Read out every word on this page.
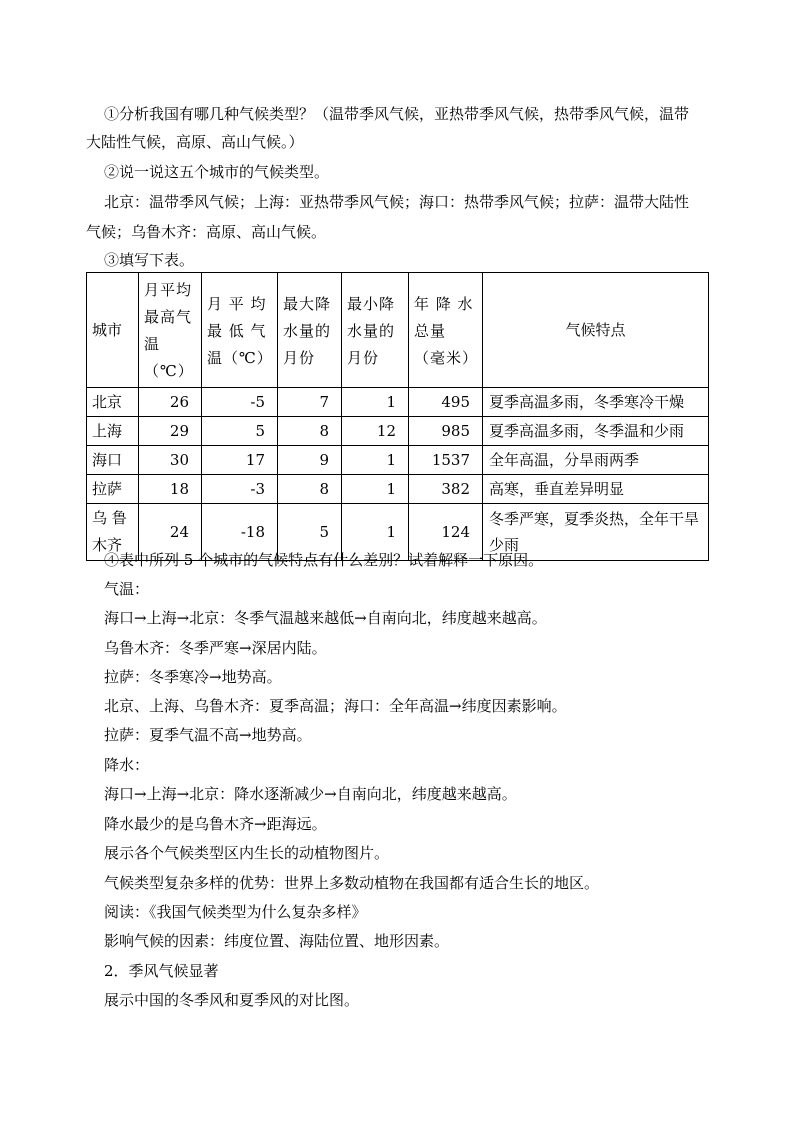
①分析我国有哪几种气候类型？（温带季风气候，亚热带季风气候，热带季风气候，温带
大陆性气候，高原、高山气候。）
②说一说这五个城市的气候类型。
北京：温带季风气候；上海：亚热带季风气候；海口：热带季风气候；拉萨：温带大陆性
气候；乌鲁木齐：高原、高山气候。
③填写下表。
城市	月平均最高气温（℃）	月 平 均 最 低 气 温（℃）	最大降水量的月份	最小降水量的月份	年 降 水总量（毫米）	气候特点
北京	26	-5	7	1	495	夏季高温多雨，冬季寒冷干燥
上海	29	5	8	12	985	夏季高温多雨，冬季温和少雨
海口	30	17	9	1	1537	全年高温，分旱雨两季
拉萨	18	-3	8	1	382	高寒，垂直差异明显
乌 鲁 木齐	24	-18	5	1	124	冬季严寒，夏季炎热，全年干旱少雨
④表中所列 5 个城市的气候特点有什么差别？试着解释一下原因。
气温：
海口→上海→北京：冬季气温越来越低→自南向北，纬度越来越高。
乌鲁木齐：冬季严寒→深居内陆。
拉萨：冬季寒冷→地势高。
北京、上海、乌鲁木齐：夏季高温；海口：全年高温→纬度因素影响。
拉萨：夏季气温不高→地势高。
降水：
海口→上海→北京：降水逐渐减少→自南向北，纬度越来越高。
降水最少的是乌鲁木齐→距海远。
展示各个气候类型区内生长的动植物图片。
气候类型复杂多样的优势：世界上多数动植物在我国都有适合生长的地区。
阅读：《我国气候类型为什么复杂多样》
影响气候的因素：纬度位置、海陆位置、地形因素。
2．季风气候显著
展示中国的冬季风和夏季风的对比图。
